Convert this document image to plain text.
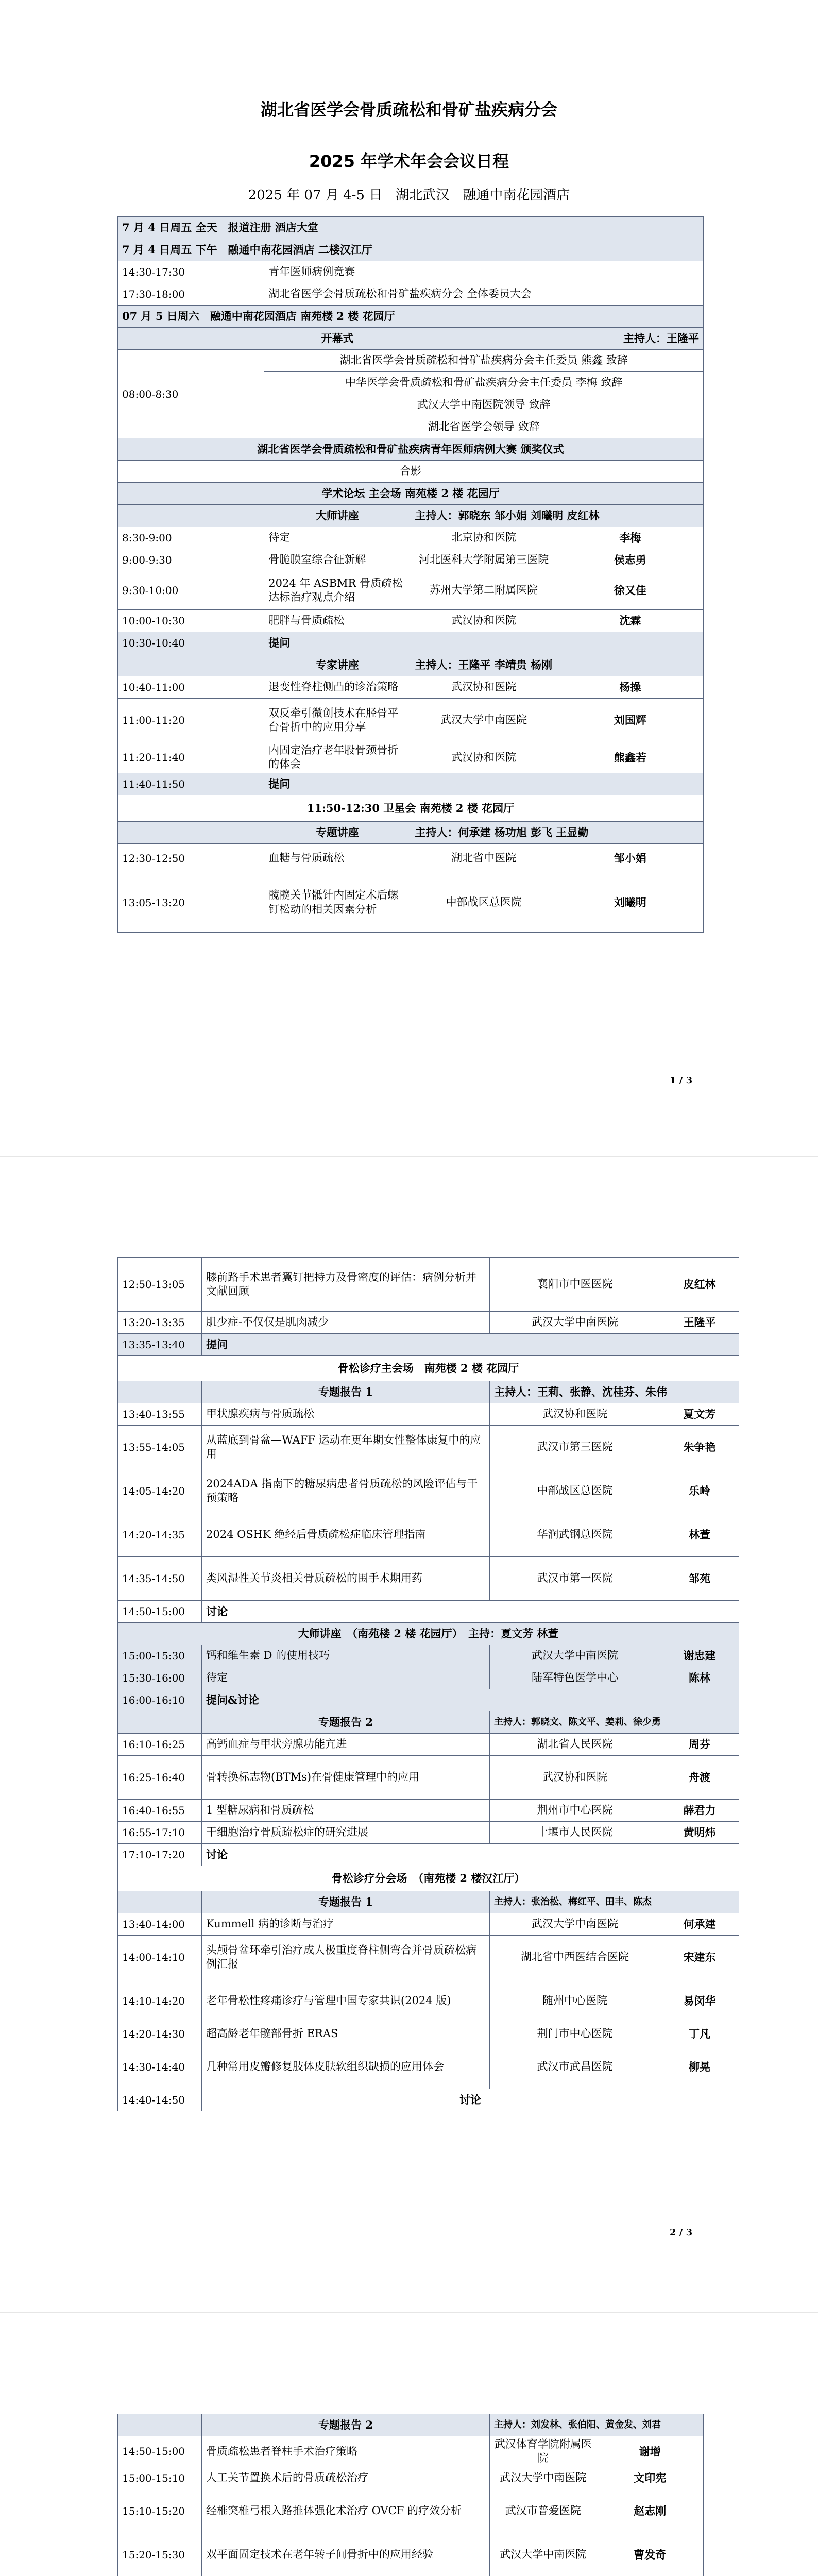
湖北省医学会骨质疏松和骨矿盐疾病分会
2025 年学术年会会议日程
2025 年 07 月 4-5 日　湖北武汉　融通中南花园酒店
7 月 4 日周五 全天　报道注册 酒店大堂			
7 月 4 日周五 下午　融通中南花园酒店 二楼汉江厅			
14:30-17:30	青年医师病例竞赛		
17:30-18:00	湖北省医学会骨质疏松和骨矿盐疾病分会 全体委员大会		
07 月 5 日周六　融通中南花园酒店 南苑楼 2 楼 花园厅			
	开幕式	主持人：王隆平	
08:00-8:30	湖北省医学会骨质疏松和骨矿盐疾病分会主任委员 熊鑫 致辞		
	中华医学会骨质疏松和骨矿盐疾病分会主任委员 李梅 致辞		
	武汉大学中南医院领导 致辞		
	湖北省医学会领导 致辞		
湖北省医学会骨质疏松和骨矿盐疾病青年医师病例大赛 颁奖仪式			
合影			
学术论坛 主会场 南苑楼 2 楼 花园厅			
	大师讲座	主持人：郭晓东 邹小娟 刘曦明 皮红林	
8:30-9:00	待定	北京协和医院	李梅
9:00-9:30	骨脆膜室综合征新解	河北医科大学附属第三医院	侯志勇
9:30-10:00	2024 年 ASBMR 骨质疏松达标治疗观点介绍	苏州大学第二附属医院	徐又佳
10:00-10:30	肥胖与骨质疏松	武汉协和医院	沈霖
10:30-10:40	提问		
	专家讲座	主持人：王隆平 李靖贵 杨刚	
10:40-11:00	退变性脊柱侧凸的诊治策略	武汉协和医院	杨操
11:00-11:20	双反牵引微创技术在胫骨平台骨折中的应用分享	武汉大学中南医院	刘国辉
11:20-11:40	内固定治疗老年股骨颈骨折的体会	武汉协和医院	熊鑫若
11:40-11:50	提问		
11:50-12:30 卫星会 南苑楼 2 楼 花园厅			
	专题讲座	主持人：何承建 杨功旭 彭飞 王显勤	
12:30-12:50	血糖与骨质疏松	湖北省中医院	邹小娟
13:05-13:20	髋髋关节骶针内固定术后螺钉松动的相关因素分析	中部战区总医院	刘曦明
1 / 3
12:50-13:05	膝前路手术患者翼钉把持力及骨密度的评估：病例分析并文献回顾	襄阳市中医医院	皮红林
13:20-13:35	肌少症-不仅仅是肌肉减少	武汉大学中南医院	王隆平
13:35-13:40	提问		
骨松诊疗主会场　南苑楼 2 楼 花园厅			
	专题报告 1	主持人：王莉、张静、沈桂芬、朱伟	
13:40-13:55	甲状腺疾病与骨质疏松	武汉协和医院	夏文芳
13:55-14:05	从蓝底到骨盆—WAFF 运动在更年期女性整体康复中的应用	武汉市第三医院	朱争艳
14:05-14:20	2024ADA 指南下的糖尿病患者骨质疏松的风险评估与干预策略	中部战区总医院	乐岭
14:20-14:35	2024 OSHK 绝经后骨质疏松症临床管理指南	华润武钢总医院	林萱
14:35-14:50	类风湿性关节炎相关骨质疏松的围手术期用药	武汉市第一医院	邹苑
14:50-15:00	讨论		
大师讲座　（南苑楼 2 楼 花园厅）　主持：夏文芳 林萱			
15:00-15:30	钙和维生素 D 的使用技巧	武汉大学中南医院	谢忠建
15:30-16:00	待定	陆军特色医学中心	陈林
16:00-16:10	提问&讨论		
	专题报告 2	主持人：郭晓文、陈文平、姜莉、徐少勇	
16:10-16:25	高钙血症与甲状旁腺功能亢进	湖北省人民医院	周芬
16:25-16:40	骨转换标志物(BTMs)在骨健康管理中的应用	武汉协和医院	舟渡
16:40-16:55	1 型糖尿病和骨质疏松	荆州市中心医院	薛君力
16:55-17:10	干细胞治疗骨质疏松症的研究进展	十堰市人民医院	黄明炜
17:10-17:20	讨论		
骨松诊疗分会场　（南苑楼 2 楼汉江厅）			
	专题报告 1	主持人：张治松、梅红平、田丰、陈杰	
13:40-14:00	Kummell 病的诊断与治疗	武汉大学中南医院	何承建
14:00-14:10	头颅骨盆环牵引治疗成人极重度脊柱侧弯合并骨质疏松病例汇报	湖北省中西医结合医院	宋建东
14:10-14:20	老年骨松性疼痛诊疗与管理中国专家共识(2024 版)	随州中心医院	易闵华
14:20-14:30	超高龄老年髋部骨折 ERAS	荆门市中心医院	丁凡
14:30-14:40	几种常用皮瓣修复肢体皮肤软组织缺损的应用体会	武汉市武昌医院	柳晃
14:40-14:50	讨论		
2 / 3
	专题报告 2	主持人：刘发林、张伯阳、黄金发、刘君	
14:50-15:00	骨质疏松患者脊柱手术治疗策略	武汉体育学院附属医院	谢增
15:00-15:10	人工关节置换术后的骨质疏松治疗	武汉大学中南医院	文印宪
15:10-15:20	经椎突椎弓根入路推体强化术治疗 OVCF 的疗效分析	武汉市普爱医院	赵志刚
15:20-15:30	双平面固定技术在老年转子间骨折中的应用经验	武汉大学中南医院	曹发奇
